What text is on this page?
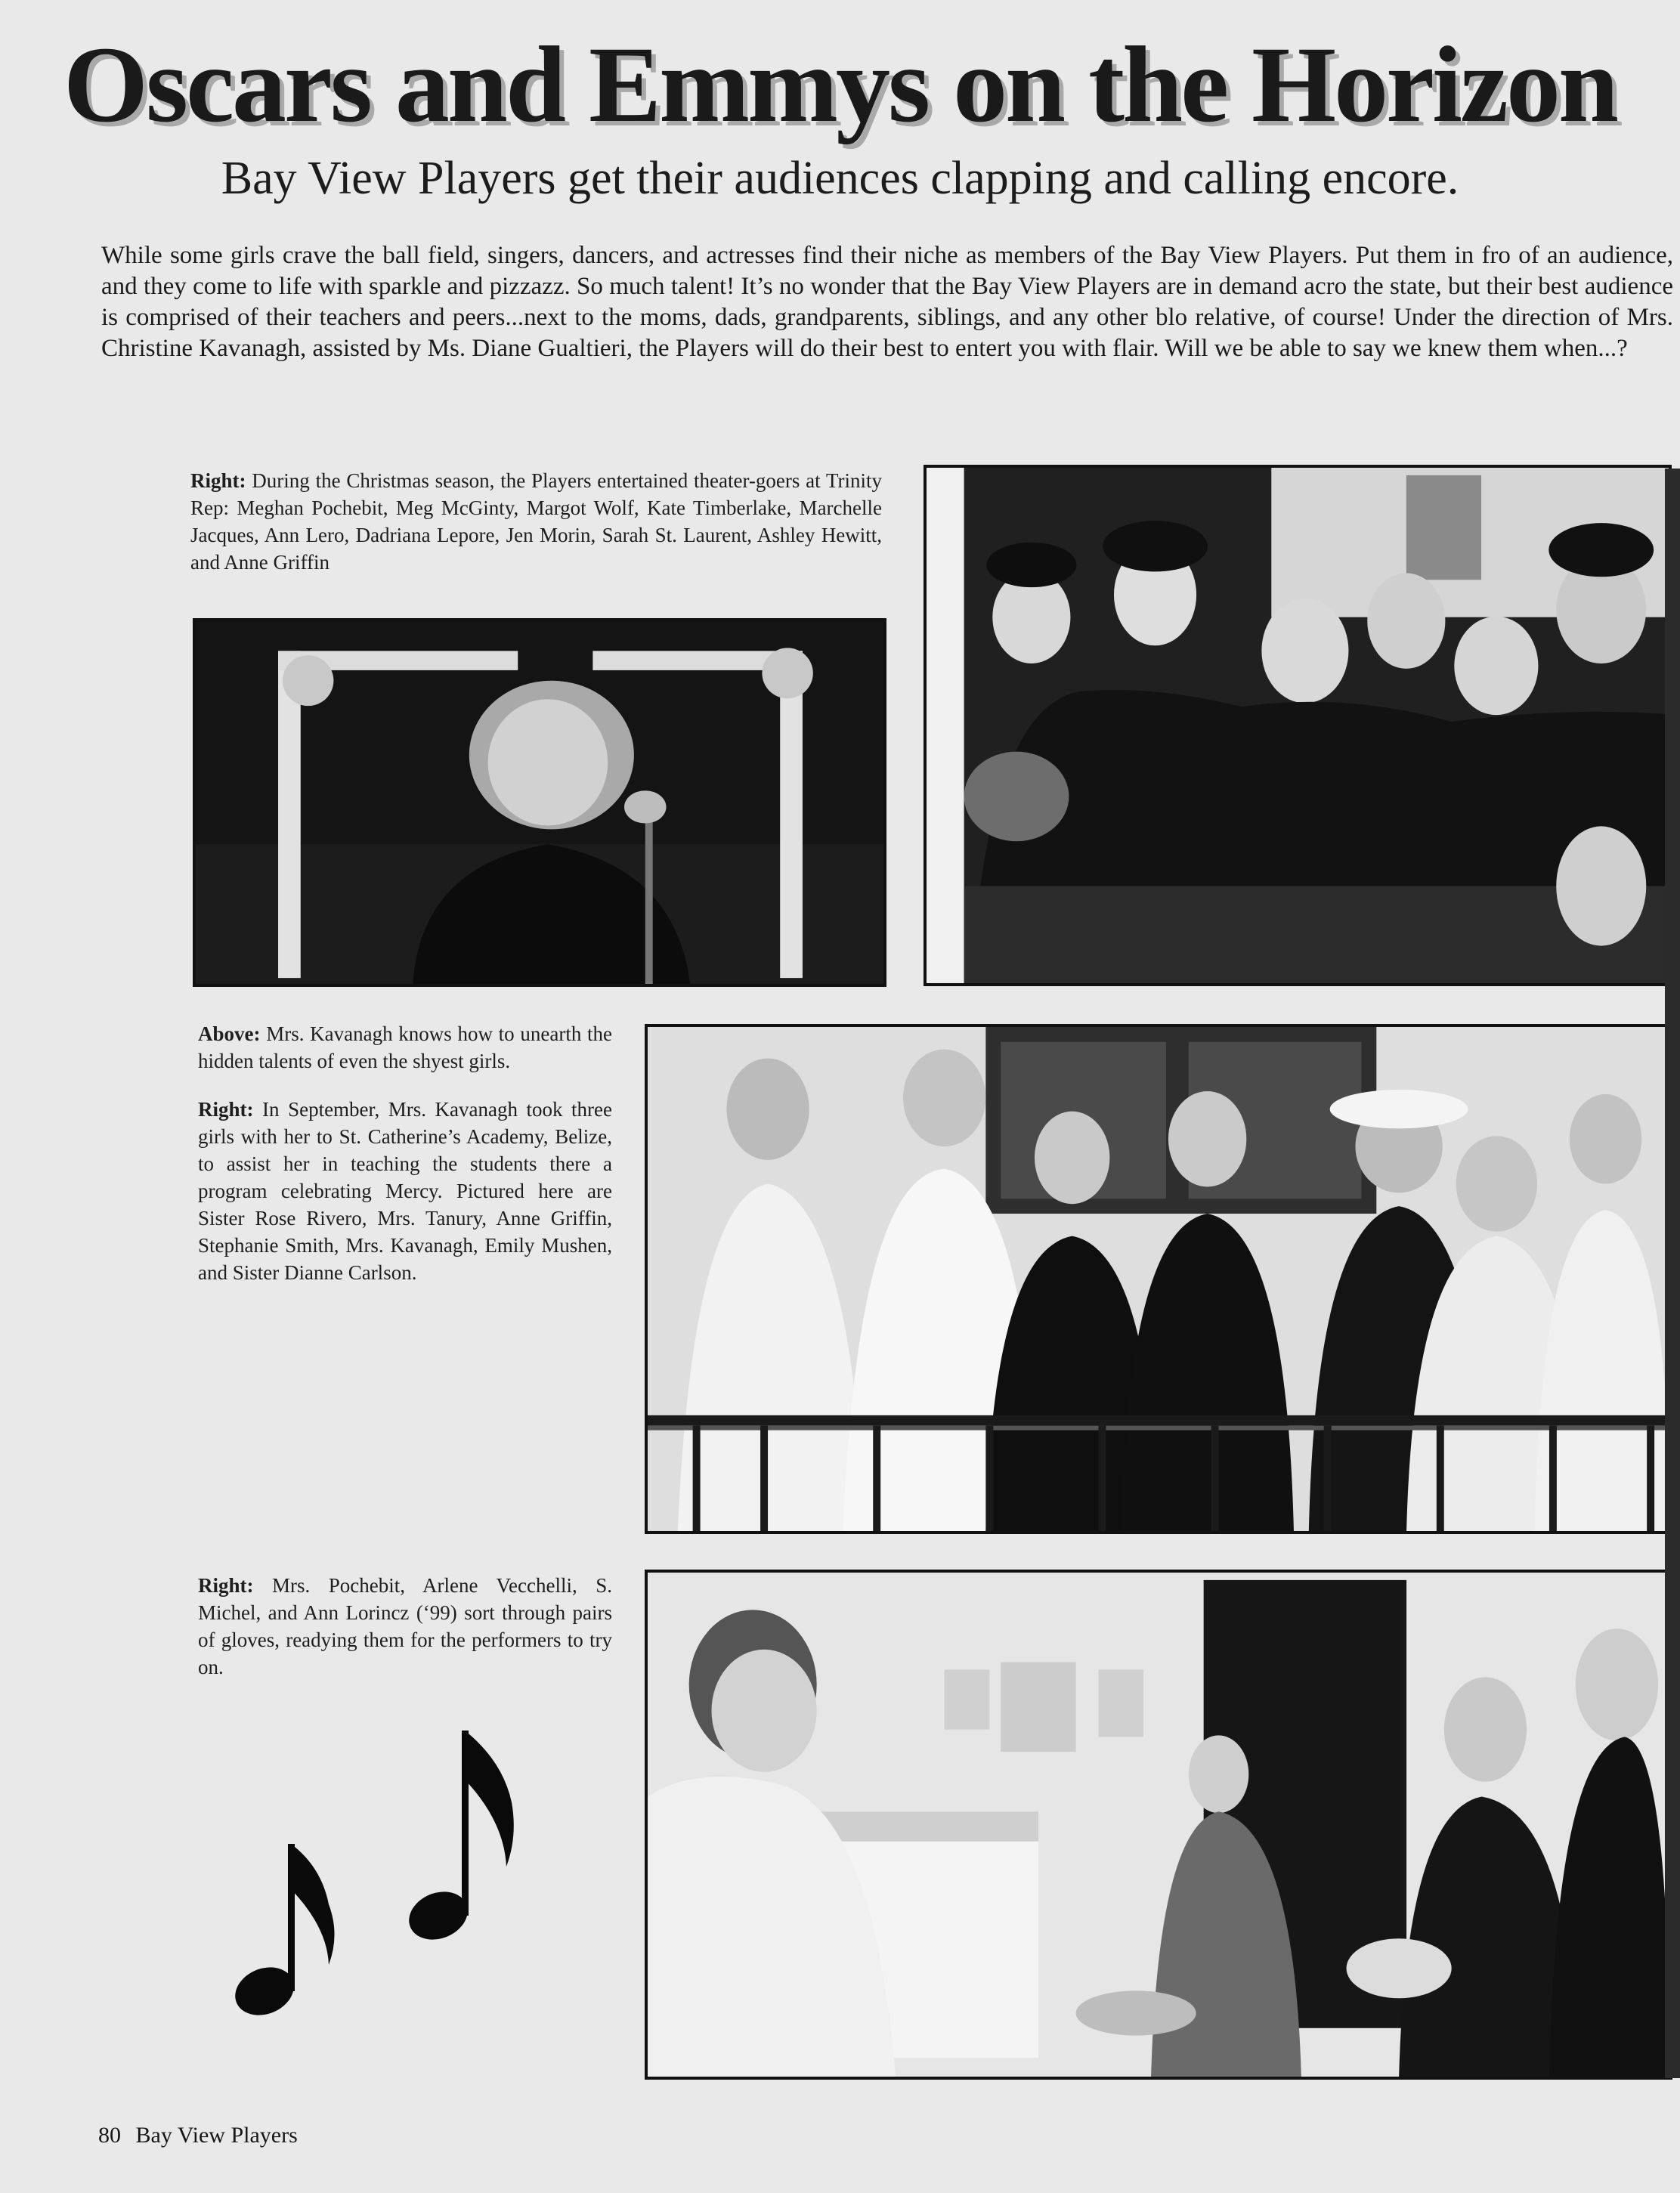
Oscars and Emmys on the Horizon
Bay View Players get their audiences clapping and calling encore.

While some girls crave the ball field, singers, dancers, and actresses find their niche as members of the Bay View Players. Put them in fro of an audience, and they come to life with sparkle and pizzazz. So much talent! It’s no wonder that the Bay View Players are in demand acro the state, but their best audience is comprised of their teachers and peers...next to the moms, dads, grandparents, siblings, and any other blo relative, of course! Under the direction of Mrs. Christine Kavanagh, assisted by Ms. Diane Gualtieri, the Players will do their best to entert you with flair. Will we be able to say we knew them when...?

Right: During the Christmas season, the Players entertained theater-goers at Trinity Rep: Meghan Pochebit, Meg McGinty, Margot Wolf, Kate Timberlake, Marchelle Jacques, Ann Lero, Dadriana Lepore, Jen Morin, Sarah St. Laurent, Ashley Hewitt, and Anne Griffin

Above: Mrs. Kavanagh knows how to unearth the hidden talents of even the shyest girls.

Right: In September, Mrs. Kavanagh took three girls with her to St. Catherine’s Academy, Belize, to assist her in teaching the students there a program celebrating Mercy. Pictured here are Sister Rose Rivero, Mrs. Tanury, Anne Griffin, Stephanie Smith, Mrs. Kavanagh, Emily Mushen, and Sister Dianne Carlson.

Right: Mrs. Pochebit, Arlene Vecchelli, S. Michel, and Ann Lorincz (‘99) sort through pairs of gloves, readying them for the performers to try on.

80 Bay View Players
